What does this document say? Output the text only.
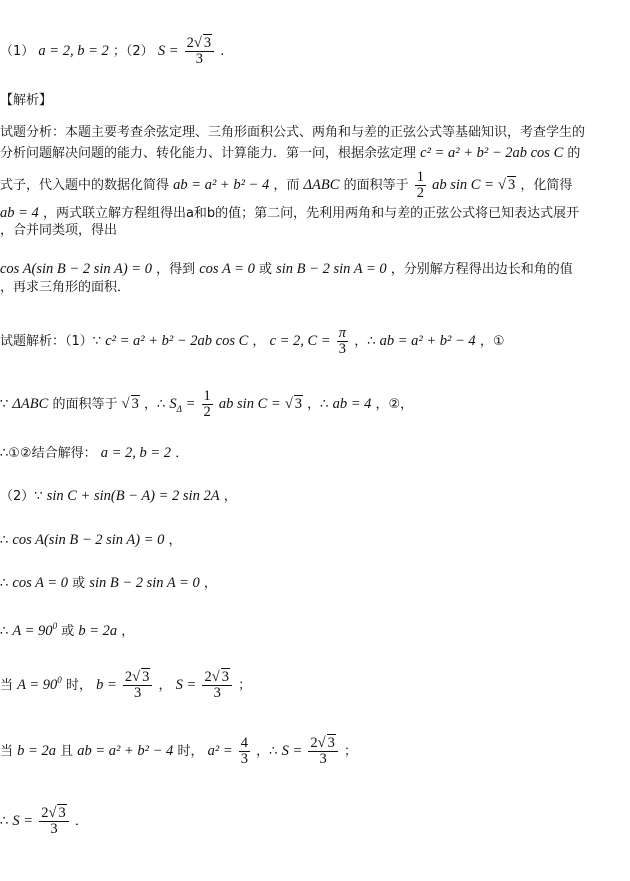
（1） a = 2, b = 2 ；（2） $S = \frac{2√ 3}{3}$ .
【解析】
试题分析：本题主要考查余弦定理、三角形面积公式、两角和与差的正弦公式等基础知识，考查学生的
分析问题解决问题的能力、转化能力、计算能力．第一问，根据余弦定理 c² = a² + b² − 2ab cos C 的
式子，代入题中的数据化简得 ab = a² + b² − 4 ，而 ΔABC 的面积等于 $\frac{1}{2}$ ab sin C = √ 3 ，化简得
ab = 4 ，两式联立解方程组得出a和b的值；第二问，先利用两角和与差的正弦公式将已知表达式展开
，合并同类项，得出
cos A(sin B − 2 sin A) = 0 ，得到 cos A = 0 或 sin B − 2 sin A = 0 ，分别解方程得出边长和角的值
，再求三角形的面积．
试题解析：（1）∵ c² = a² + b² − 2ab cos C ， c = 2, $C = \frac{\pi}{3}$ ，∴ ab = a² + b² − 4 ，①
∵ ΔABC 的面积等于 √ 3 ，∴ $S_\Delta = \frac{1}{2}$ ab sin C = √ 3 ，∴ ab = 4 ，②，
∴①②结合解得： a = 2, b = 2 ．
（2）∵ sin C + sin(B − A) = 2 sin 2A ，
∴ cos A(sin B − 2 sin A) = 0 ，
∴ cos A = 0 或 sin B − 2 sin A = 0 ，
∴ $A = 90^0$ 或 b = 2a ，
当 $A = 90^0$ 时， $b = \frac{2√ 3}{3}$ ， $S = \frac{2√ 3}{3}$ ；
当 b = 2a 且 ab = a² + b² − 4 时， $a^2 = \frac{4}{3}$ ，∴ $S = \frac{2√ 3}{3}$ ；
∴ $S = \frac{2√ 3}{3}$ ．
